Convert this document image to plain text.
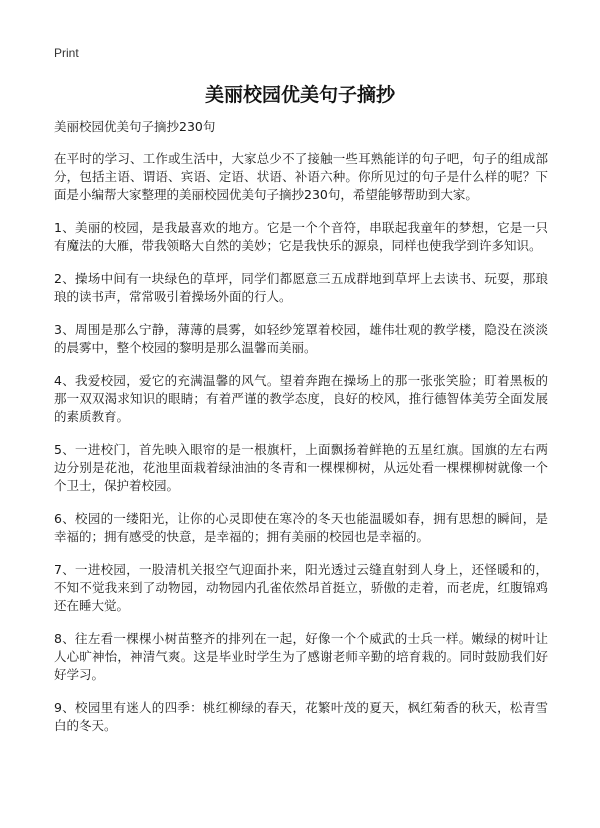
Print
美丽校园优美句子摘抄

美丽校园优美句子摘抄230句

在平时的学习、工作或生活中，大家总少不了接触一些耳熟能详的句子吧，句子的组成部分，包括主语、谓语、宾语、定语、状语、补语六种。你所见过的句子是什么样的呢？下面是小编帮大家整理的美丽校园优美句子摘抄230句，希望能够帮助到大家。

1、美丽的校园，是我最喜欢的地方。它是一个个音符，串联起我童年的梦想，它是一只有魔法的大雁，带我领略大自然的美妙；它是我快乐的源泉，同样也使我学到许多知识。

2、操场中间有一块绿色的草坪，同学们都愿意三五成群地到草坪上去读书、玩耍，那琅琅的读书声，常常吸引着操场外面的行人。

3、周围是那么宁静，薄薄的晨雾，如轻纱笼罩着校园，雄伟壮观的教学楼，隐没在淡淡的晨雾中，整个校园的黎明是那么温馨而美丽。

4、我爱校园，爱它的充满温馨的风气。望着奔跑在操场上的那一张张笑脸；盯着黑板的那一双双渴求知识的眼睛；有着严谨的教学态度，良好的校风，推行德智体美劳全面发展的素质教育。

5、一进校门，首先映入眼帘的是一根旗杆，上面飘扬着鲜艳的五星红旗。国旗的左右两边分别是花池，花池里面栽着绿油油的冬青和一棵棵柳树，从远处看一棵棵柳树就像一个个卫士，保护着校园。

6、校园的一缕阳光，让你的心灵即使在寒冷的冬天也能温暖如春，拥有思想的瞬间，是幸福的；拥有感受的快意，是幸福的；拥有美丽的校园也是幸福的。

7、一进校园，一股清机关报空气迎面扑来，阳光透过云缝直射到人身上，还怪暖和的，不知不觉我来到了动物园，动物园内孔雀依然昂首挺立，骄傲的走着，而老虎，红腹锦鸡还在睡大觉。

8、往左看一棵棵小树苗整齐的排列在一起，好像一个个威武的士兵一样。嫩绿的树叶让人心旷神怡，神清气爽。这是毕业时学生为了感谢老师辛勤的培育栽的。同时鼓励我们好好学习。

9、校园里有迷人的四季：桃红柳绿的春天，花繁叶茂的夏天，枫红菊香的秋天，松青雪白的冬天。
